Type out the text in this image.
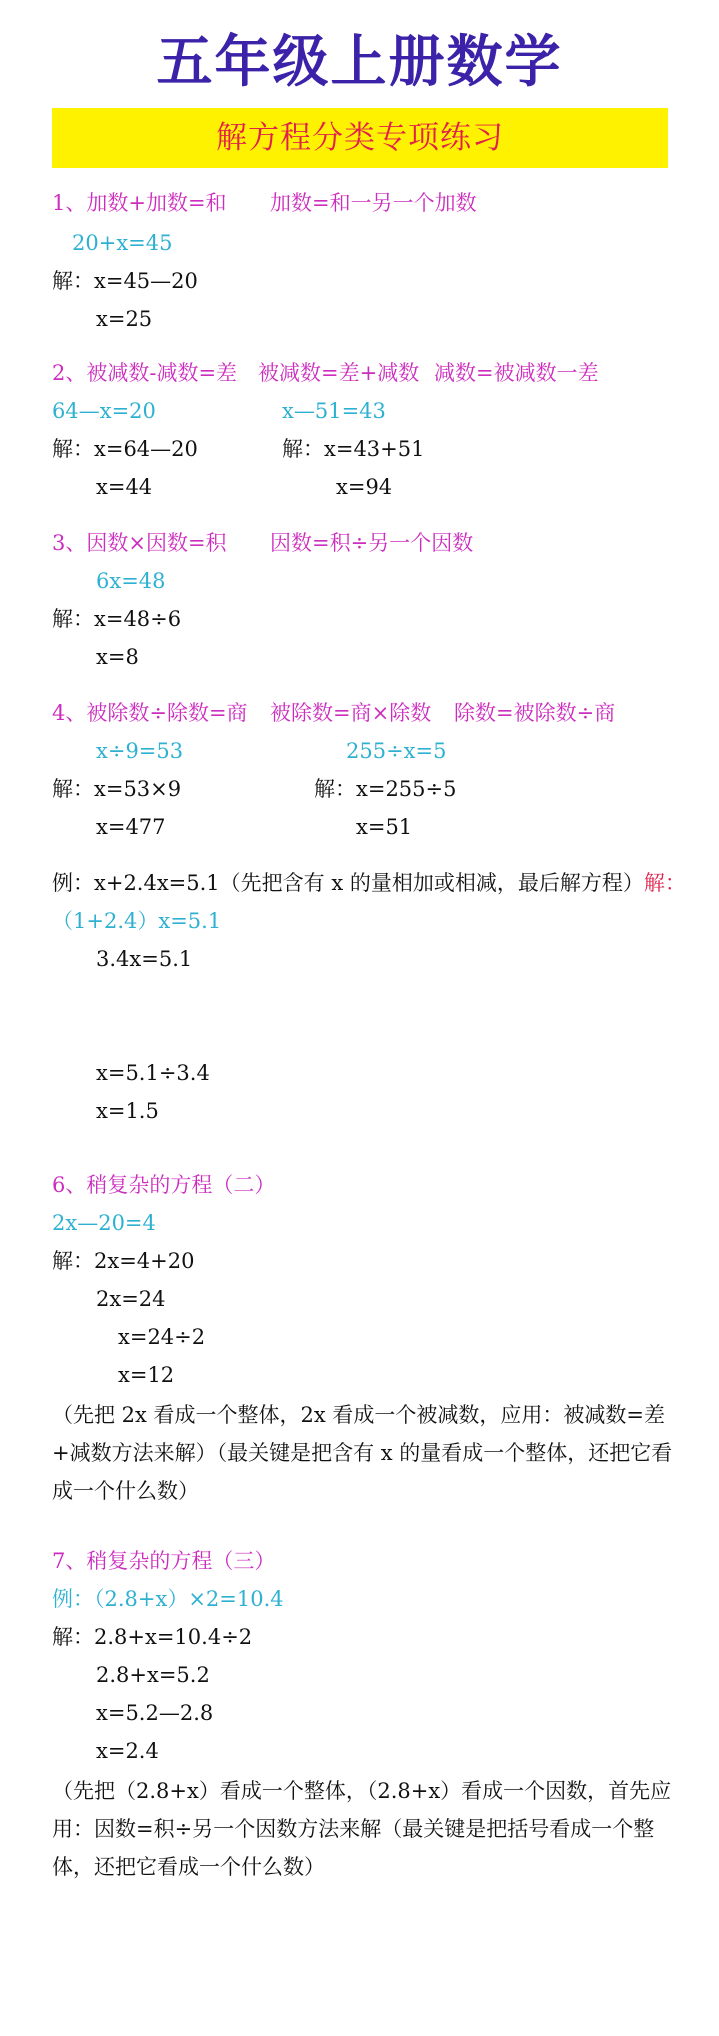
五年级上册数学
解方程分类专项练习
1、加数+加数=和 加数=和一另一个加数
20+x=45
解：x=45—20
x=25
2、被减数-减数=差 被减数=差+减数 减数=被减数一差
64—x=20	x—51=43
解：x=64—20	解：x=43+51
x=44	x=94
3、因数×因数=积 因数=积÷另一个因数
6x=48
解：x=48÷6
x=8
4、被除数÷除数=商 被除数=商×除数 除数=被除数÷商
x÷9=53	255÷x=5
解：x=53×9	解：x=255÷5
x=477	x=51
例：x+2.4x=5.1（先把含有 x 的量相加或相减，最后解方程）解：
（1+2.4）x=5.1
3.4x=5.1
x=5.1÷3.4
x=1.5
6、稍复杂的方程（二）
2x—20=4
解：2x=4+20
2x=24
x=24÷2
x=12
（先把 2x 看成一个整体，2x 看成一个被减数，应用：被减数=差+减数方法来解）（最关键是把含有 x 的量看成一个整体，还把它看成一个什么数）
7、稍复杂的方程（三）
例：（2.8+x）×2=10.4
解：2.8+x=10.4÷2
2.8+x=5.2
x=5.2—2.8
x=2.4
（先把（2.8+x）看成一个整体，（2.8+x）看成一个因数，首先应用：因数=积÷另一个因数方法来解（最关键是把括号看成一个整体，还把它看成一个什么数）
